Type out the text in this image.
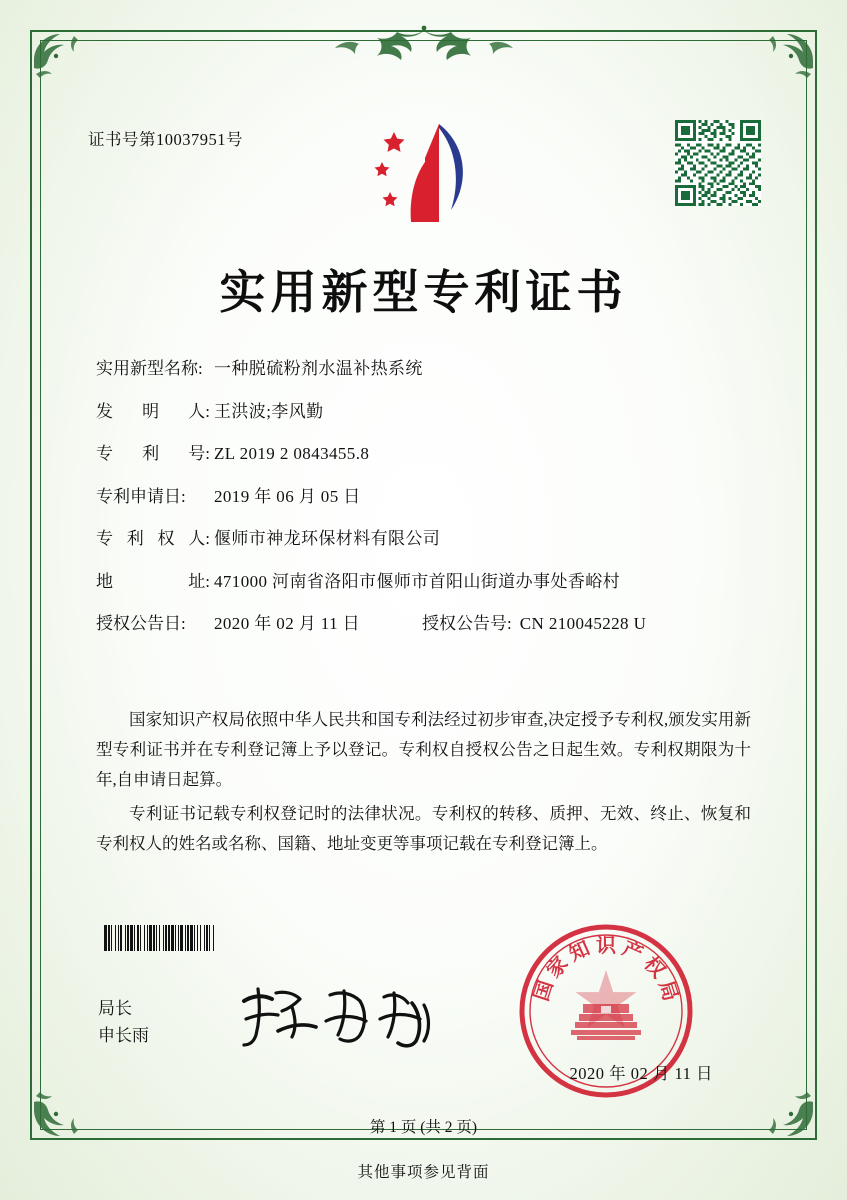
证书号第10037951号
实用新型专利证书
实用新型名称: 一种脱硫粉剂水温补热系统
发 明 人: 王洪波;李风勤
专 利 号: ZL 2019 2 0843455.8
专利申请日:	2019 年 06 月 05 日
专 利 权 人: 偃师市神龙环保材料有限公司
地	址: 471000 河南省洛阳市偃师市首阳山街道办事处香峪村
授权公告日:	2020 年 02 月 11 日	授权公告号: CN 210045228 U

国家知识产权局依照中华人民共和国专利法经过初步审查,决定授予专利权,颁发实用新型专利证书并在专利登记簿上予以登记。专利权自授权公告之日起生效。专利权期限为十年,自申请日起算。

专利证书记载专利权登记时的法律状况。专利权的转移、质押、无效、终止、恢复和专利权人的姓名或名称、国籍、地址变更等事项记载在专利登记簿上。

局长
申长雨
国
家
知 识 产
权
局
2020 年 02 月 11 日
第 1 页 (共 2 页)
其他事项参见背面
